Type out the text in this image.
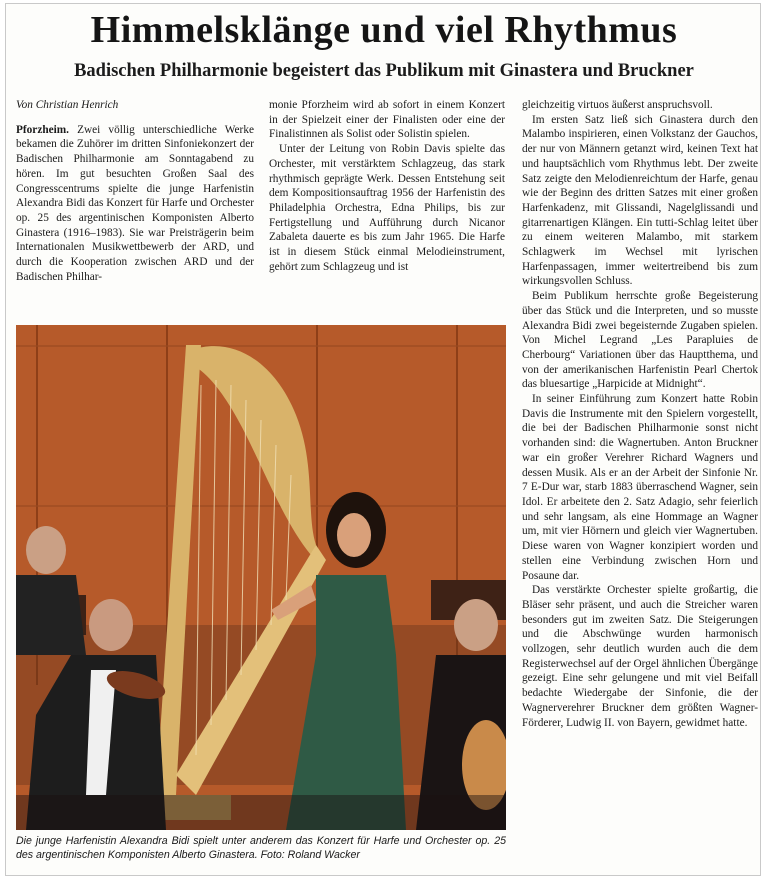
Himmelsklänge und viel Rhythmus
Badischen Philharmonie begeistert das Publikum mit Ginastera und Bruckner

Von Christian Henrich

Pforzheim. Zwei völlig unterschiedliche Werke bekamen die Zuhörer im dritten Sinfoniekonzert der Badischen Philharmonie am Sonntagabend zu hören. Im gut besuchten Großen Saal des Congresscentrums spielte die junge Harfenistin Alexandra Bidi das Konzert für Harfe und Orchester op. 25 des argentinischen Komponisten Alberto Ginastera (1916–1983). Sie war Preisträgerin beim Internationalen Musikwettbewerb der ARD, und durch die Kooperation zwischen ARD und der Badischen Philhar-

monie Pforzheim wird ab sofort in einem Konzert in der Spielzeit einer der Finalisten oder eine der Finalistinnen als Solist oder Solistin spielen.

Unter der Leitung von Robin Davis spielte das Orchester, mit verstärktem Schlagzeug, das stark rhythmisch geprägte Werk. Dessen Entstehung seit dem Kompositionsauftrag 1956 der Harfenistin des Philadelphia Orchestra, Edna Philips, bis zur Fertigstellung und Aufführung durch Nicanor Zabaleta dauerte es bis zum Jahr 1965. Die Harfe ist in diesem Stück einmal Melodieinstrument, gehört zum Schlagzeug und ist

gleichzeitig virtuos äußerst anspruchsvoll.

Im ersten Satz ließ sich Ginastera durch den Malambo inspirieren, einen Volkstanz der Gauchos, der nur von Männern getanzt wird, keinen Text hat und hauptsächlich vom Rhythmus lebt. Der zweite Satz zeigte den Melodienreichtum der Harfe, genau wie der Beginn des dritten Satzes mit einer großen Harfenkadenz, mit Glissandi, Nagelglissandi und gitarrenartigen Klängen. Ein tutti-Schlag leitet über zu einem weiteren Malambo, mit starkem Schlagwerk im Wechsel mit lyrischen Harfenpassagen, immer weitertreibend bis zum wirkungsvollen Schluss.

Beim Publikum herrschte große Begeisterung über das Stück und die Interpreten, und so musste Alexandra Bidi zwei begeisternde Zugaben spielen. Von Michel Legrand „Les Parapluies de Cherbourg“ Variationen über das Hauptthema, und von der amerikanischen Harfenistin Pearl Chertok das bluesartige „Harpicide at Midnight“.

In seiner Einführung zum Konzert hatte Robin Davis die Instrumente mit den Spielern vorgestellt, die bei der Badischen Philharmonie sonst nicht vorhanden sind: die Wagnertuben. Anton Bruckner war ein großer Verehrer Richard Wagners und dessen Musik. Als er an der Arbeit der Sinfonie Nr. 7 E-Dur war, starb 1883 überraschend Wagner, sein Idol. Er arbeitete den 2. Satz Adagio, sehr feierlich und sehr langsam, als eine Hommage an Wagner um, mit vier Hörnern und gleich vier Wagnertuben. Diese waren von Wagner konzipiert worden und stellen eine Verbindung zwischen Horn und Posaune dar.

Das verstärkte Orchester spielte großartig, die Bläser sehr präsent, und auch die Streicher waren besonders gut im zweiten Satz. Die Steigerungen und die Abschwünge wurden harmonisch vollzogen, sehr deutlich wurden auch die dem Registerwechsel auf der Orgel ähnlichen Übergänge gezeigt. Eine sehr gelungene und mit viel Beifall bedachte Wiedergabe der Sinfonie, die der Wagnerverehrer Bruckner dem größten Wagner-Förderer, Ludwig II. von Bayern, gewidmet hatte.

Die junge Harfenistin Alexandra Bidi spielt unter anderem das Konzert für Harfe und Orchester op. 25 des argentinischen Komponisten Alberto Ginastera. Foto: Roland Wacker
